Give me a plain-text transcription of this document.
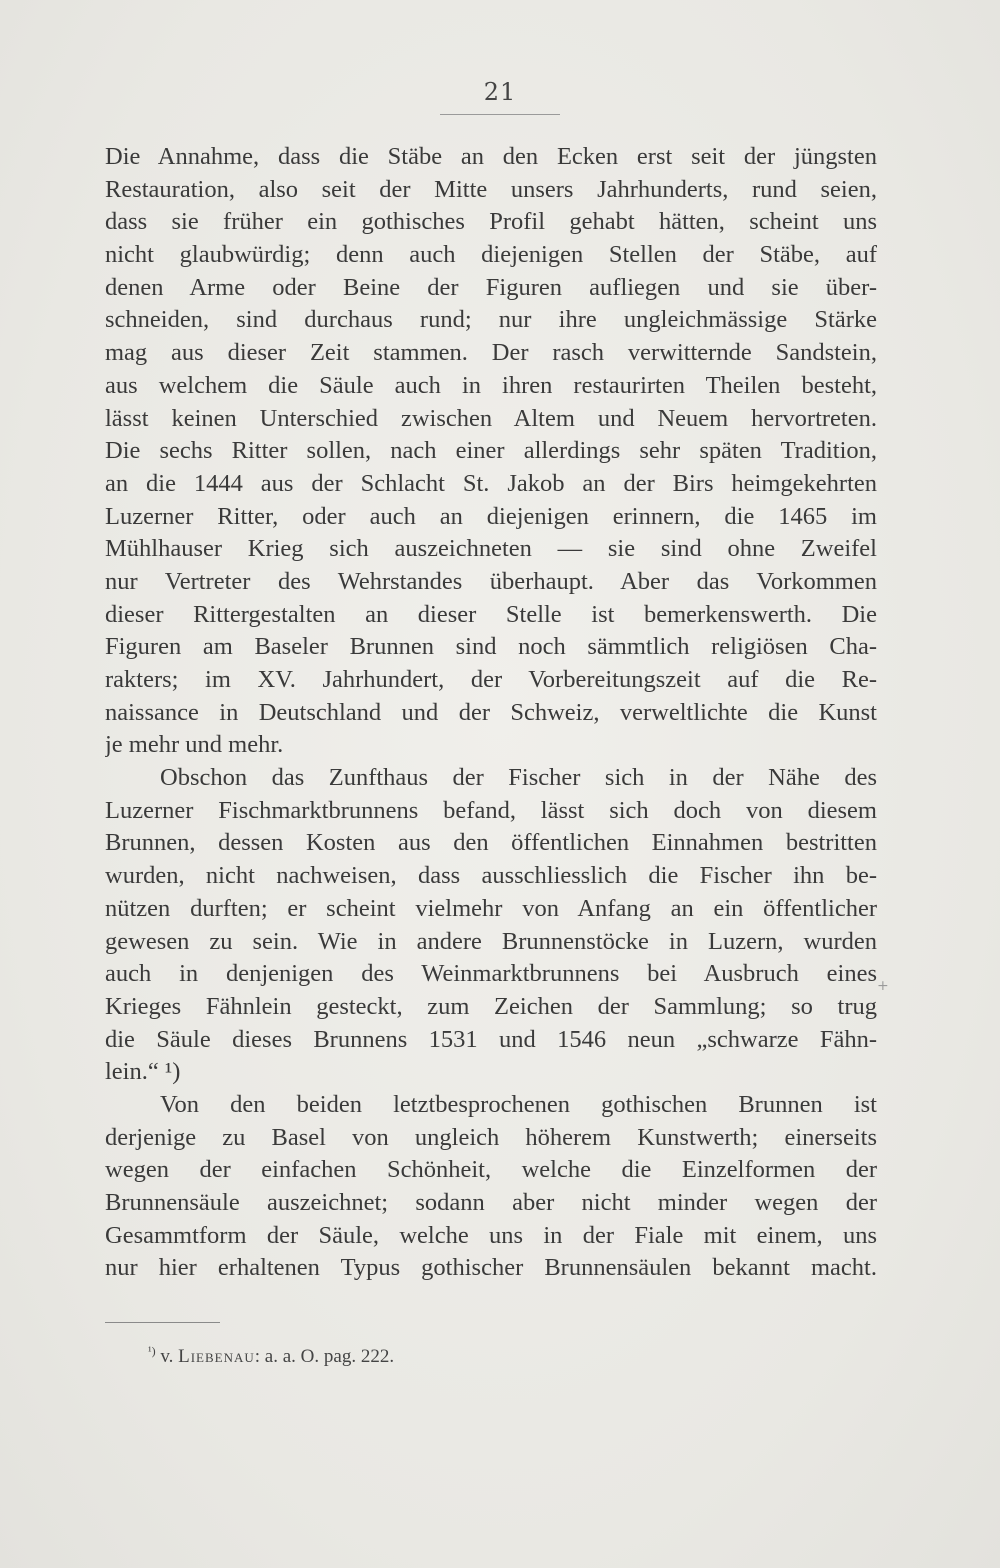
21
Die Annahme, dass die Stäbe an den Ecken erst seit der jüngsten
Restauration, also seit der Mitte unsers Jahrhunderts, rund seien,
dass sie früher ein gothisches Profil gehabt hätten, scheint uns
nicht glaubwürdig; denn auch diejenigen Stellen der Stäbe, auf
denen Arme oder Beine der Figuren aufliegen und sie über-
schneiden, sind durchaus rund; nur ihre ungleichmässige Stärke
mag aus dieser Zeit stammen. Der rasch verwitternde Sandstein,
aus welchem die Säule auch in ihren restaurirten Theilen besteht,
lässt keinen Unterschied zwischen Altem und Neuem hervortreten.
Die sechs Ritter sollen, nach einer allerdings sehr späten Tradition,
an die 1444 aus der Schlacht St. Jakob an der Birs heimgekehrten
Luzerner Ritter, oder auch an diejenigen erinnern, die 1465 im
Mühlhauser Krieg sich auszeichneten — sie sind ohne Zweifel
nur Vertreter des Wehrstandes überhaupt. Aber das Vorkommen
dieser Rittergestalten an dieser Stelle ist bemerkenswerth. Die
Figuren am Baseler Brunnen sind noch sämmtlich religiösen Cha-
rakters; im XV. Jahrhundert, der Vorbereitungszeit auf die Re-
naissance in Deutschland und der Schweiz, verweltlichte die Kunst
je mehr und mehr.
Obschon das Zunfthaus der Fischer sich in der Nähe des
Luzerner Fischmarktbrunnens befand, lässt sich doch von diesem
Brunnen, dessen Kosten aus den öffentlichen Einnahmen bestritten
wurden, nicht nachweisen, dass ausschliesslich die Fischer ihn be-
nützen durften; er scheint vielmehr von Anfang an ein öffentlicher
gewesen zu sein. Wie in andere Brunnenstöcke in Luzern, wurden
auch in denjenigen des Weinmarktbrunnens bei Ausbruch eines
Krieges Fähnlein gesteckt, zum Zeichen der Sammlung; so trug
die Säule dieses Brunnens 1531 und 1546 neun „schwarze Fähn-
lein.“ ¹)
Von den beiden letztbesprochenen gothischen Brunnen ist
derjenige zu Basel von ungleich höherem Kunstwerth; einerseits
wegen der einfachen Schönheit, welche die Einzelformen der
Brunnensäule auszeichnet; sodann aber nicht minder wegen der
Gesammtform der Säule, welche uns in der Fiale mit einem, uns
nur hier erhaltenen Typus gothischer Brunnensäulen bekannt macht.
+
$^{^1)}$ v. Liebenau: a. a. O. pag. 222.
